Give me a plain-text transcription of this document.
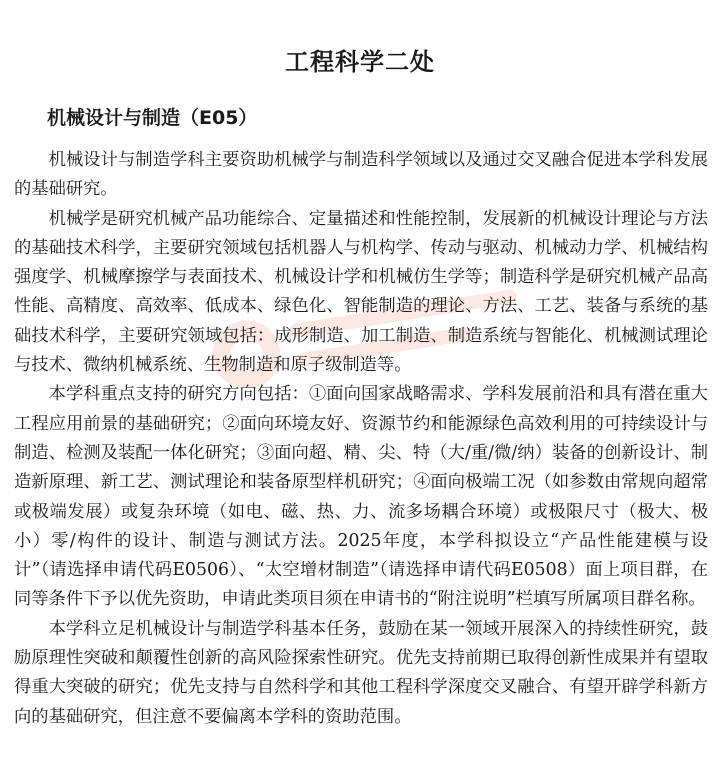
工程科学二处
机械设计与制造（E05）

机械设计与制造学科主要资助机械学与制造科学领域以及通过交叉融合促进本学科发展的基础研究。

机械学是研究机械产品功能综合、定量描述和性能控制，发展新的机械设计理论与方法的基础技术科学，主要研究领域包括机器人与机构学、传动与驱动、机械动力学、机械结构强度学、机械摩擦学与表面技术、机械设计学和机械仿生学等；制造科学是研究机械产品高性能、高精度、高效率、低成本、绿色化、智能制造的理论、方法、工艺、装备与系统的基础技术科学，主要研究领域包括：成形制造、加工制造、制造系统与智能化、机械测试理论与技术、微纳机械系统、生物制造和原子级制造等。

本学科重点支持的研究方向包括：①面向国家战略需求、学科发展前沿和具有潜在重大工程应用前景的基础研究；②面向环境友好、资源节约和能源绿色高效利用的可持续设计与制造、检测及装配一体化研究；③面向超、精、尖、特（大/重/微/纳）装备的创新设计、制造新原理、新工艺、测试理论和装备原型样机研究；④面向极端工况（如参数由常规向超常或极端发展）或复杂环境（如电、磁、热、力、流多场耦合环境）或极限尺寸（极大、极小）零/构件的设计、制造与测试方法。2025年度，本学科拟设立“产品性能建模与设计”（请选择申请代码E0506）、“太空增材制造”（请选择申请代码E0508）面上项目群，在同等条件下予以优先资助，申请此类项目须在申请书的“附注说明”栏填写所属项目群名称。

本学科立足机械设计与制造学科基本任务，鼓励在某一领域开展深入的持续性研究，鼓励原理性突破和颠覆性创新的高风险探索性研究。优先支持前期已取得创新性成果并有望取得重大突破的研究；优先支持与自然科学和其他工程科学深度交叉融合、有望开辟学科新方向的基础研究，但注意不要偏离本学科的资助范围。
